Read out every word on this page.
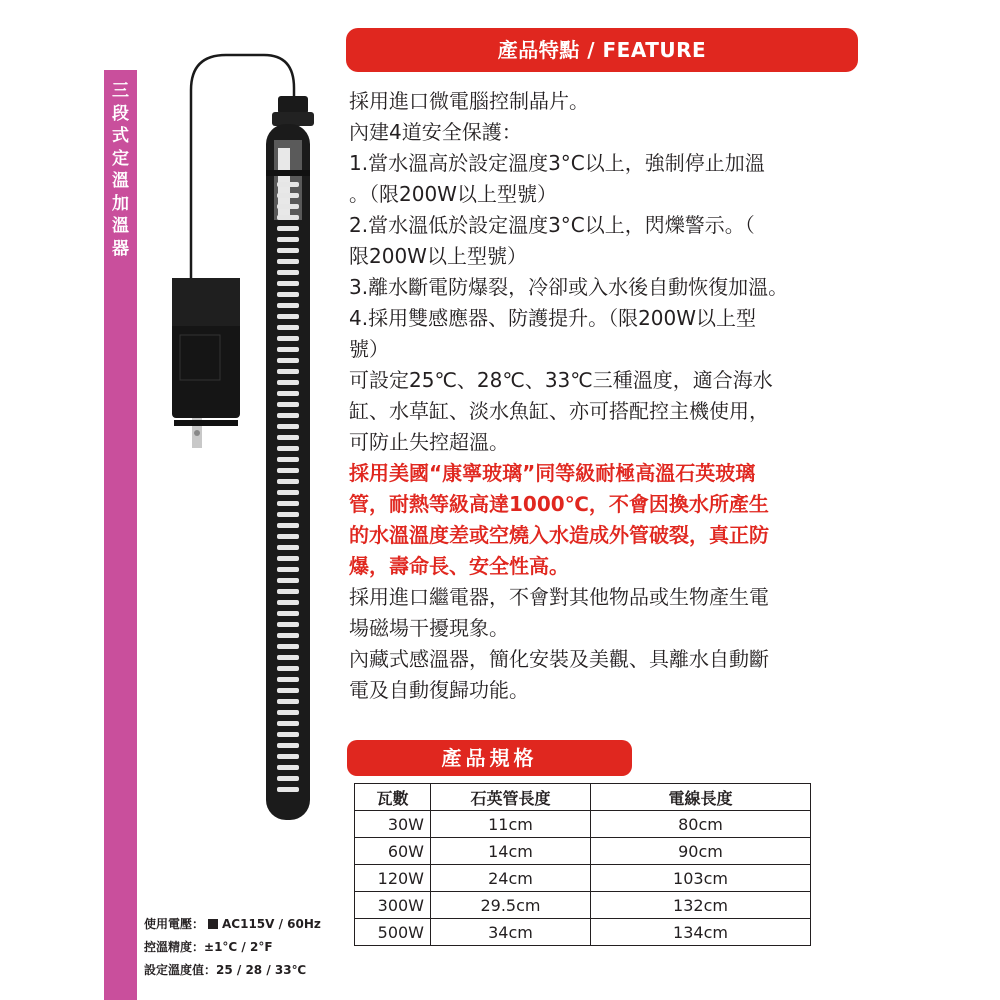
三
段
式
定
溫
加
溫
器
產品特點 / FEATURE
採用進口微電腦控制晶片。
內建4道安全保護：
1.當水溫高於設定溫度3°C以上，強制停止加溫
。（限200W以上型號）
2.當水溫低於設定溫度3°C以上，閃爍警示。（
限200W以上型號）
3.離水斷電防爆裂，冷卻或入水後自動恢復加溫。
4.採用雙感應器、防護提升。（限200W以上型
號）
可設定25℃、28℃、33℃三種溫度，適合海水
缸、水草缸、淡水魚缸、亦可搭配控主機使用，
可防止失控超溫。
採用美國“康寧玻璃”同等級耐極高溫石英玻璃
管，耐熱等級高達1000℃，不會因換水所產生
的水溫溫度差或空燒入水造成外管破裂，真正防
爆，壽命長、安全性高。
採用進口繼電器，不會對其他物品或生物產生電
場磁場干擾現象。
內藏式感溫器，簡化安裝及美觀、具離水自動斷
電及自動復歸功能。
產品規格
瓦數	石英管長度	電線長度
30W	11cm	80cm
60W	14cm	90cm
120W	24cm	103cm
300W	29.5cm	132cm
500W	34cm	134cm
使用電壓： AC115V / 60Hz
控溫精度：±1°C / 2°F
設定溫度值：25 / 28 / 33℃
